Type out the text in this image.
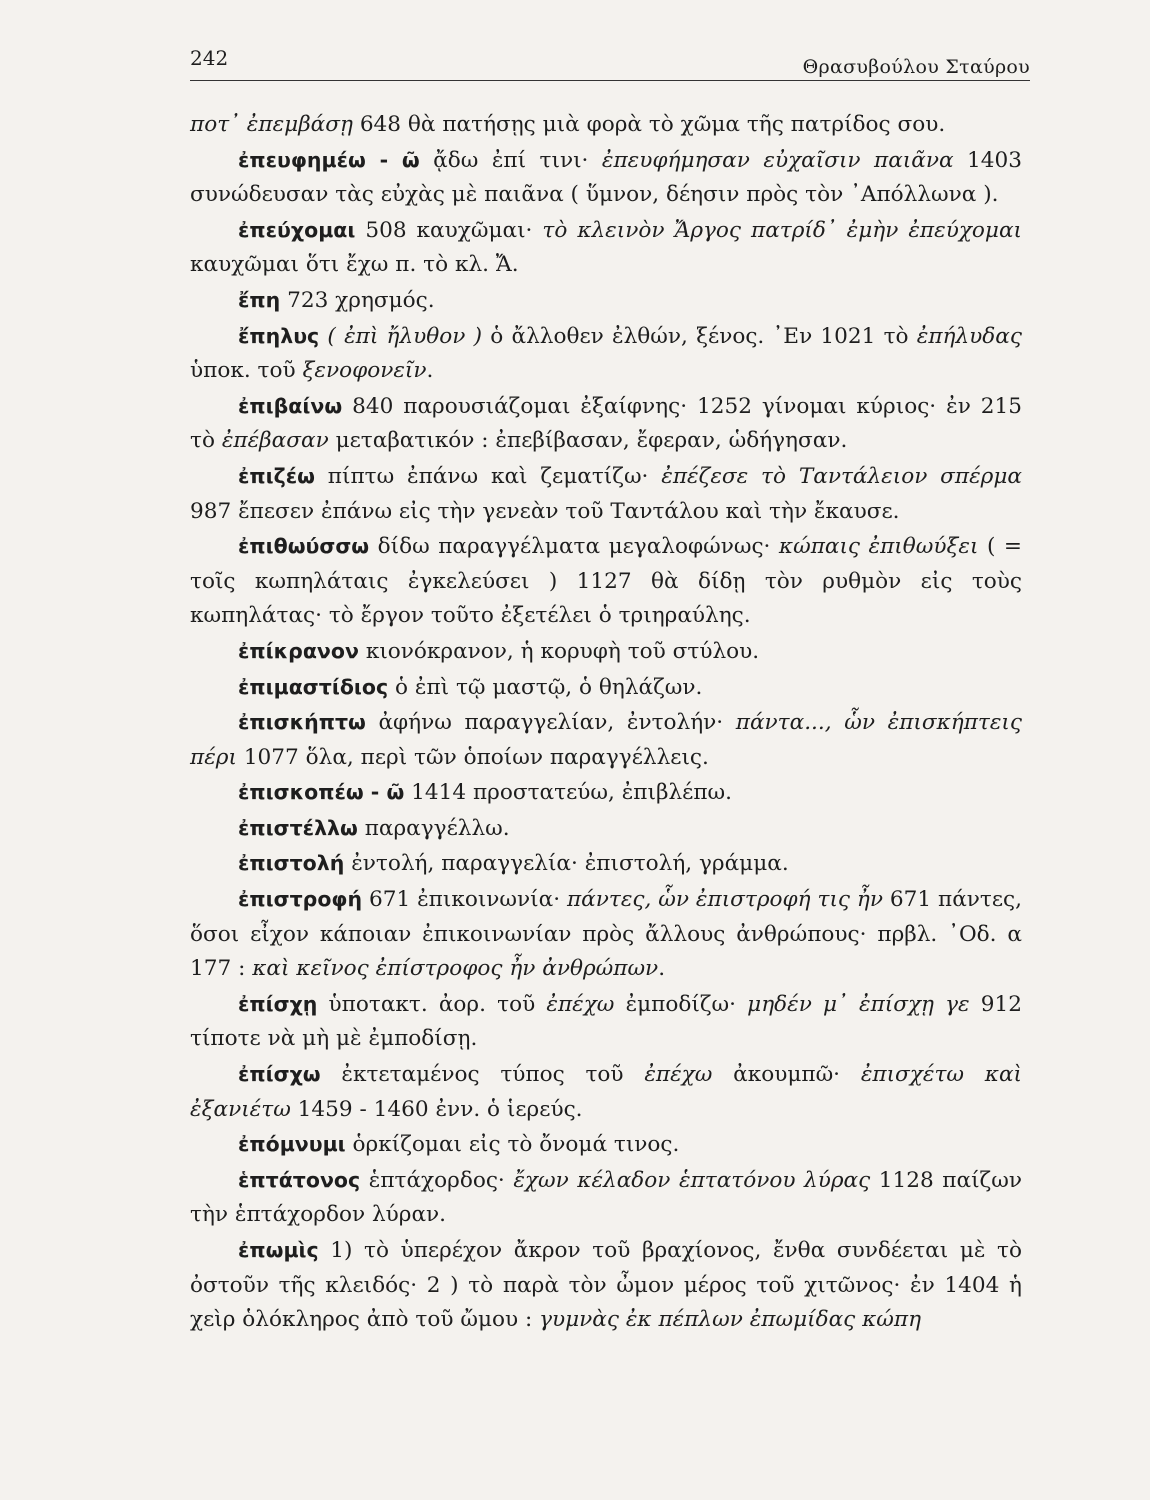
242	Θρασυβούλου Σταύρου

ποτ᾿ ἐπεμβάσῃ 648 θὰ πατήσῃς μιὰ φορὰ τὸ χῶμα τῆς πατρίδος σου.

ἐπευφημέω - ῶ ᾄδω ἐπί τινι· ἐπευφήμησαν εὐχαῖσιν παιᾶνα 1403 συνώδευσαν τὰς εὐχὰς μὲ παιᾶνα ( ὕμνον, δέησιν πρὸς τὸν ᾿Απόλλωνα ).

ἐπεύχομαι 508 καυχῶμαι· τὸ κλεινὸν Ἄργος πατρίδ᾿ ἐμὴν ἐπεύχομαι καυχῶμαι ὅτι ἔχω π. τὸ κλ. Ἄ.

ἔπη 723 χρησμός.

ἔπηλυς ( ἐπὶ ἤλυθον ) ὁ ἄλλοθεν ἐλθών, ξένος. ᾿Εν 1021 τὸ ἐπήλυδας ὑποκ. τοῦ ξενοφονεῖν.

ἐπιβαίνω 840 παρουσιάζομαι ἐξαίφνης· 1252 γίνομαι κύριος· ἐν 215 τὸ ἐπέβασαν μεταβατικόν : ἐπεβίβασαν, ἔφεραν, ὡδήγησαν.

ἐπιζέω πίπτω ἐπάνω καὶ ζεματίζω· ἐπέζεσε τὸ Ταντάλειον σπέρμα 987 ἔπεσεν ἐπάνω εἰς τὴν γενεὰν τοῦ Ταντάλου καὶ τὴν ἔκαυσε.

ἐπιθωύσσω δίδω παραγγέλματα μεγαλοφώνως· κώπαις ἐπιθωύξει ( = τοῖς κωπηλάταις ἐγκελεύσει ) 1127 θὰ δίδῃ τὸν ρυθμὸν εἰς τοὺς κωπηλάτας· τὸ ἔργον τοῦτο ἐξετέλει ὁ τριηραύλης.

ἐπίκρανον κιονόκρανον, ἡ κορυφὴ τοῦ στύλου.

ἐπιμαστίδιος ὁ ἐπὶ τῷ μαστῷ, ὁ θηλάζων.

ἐπισκήπτω ἀφήνω παραγγελίαν, ἐντολήν· πάντα..., ὧν ἐπισκήπτεις πέρι 1077 ὅλα, περὶ τῶν ὁποίων παραγγέλλεις.

ἐπισκοπέω - ῶ 1414 προστατεύω, ἐπιβλέπω.

ἐπιστέλλω παραγγέλλω.

ἐπιστολή ἐντολή, παραγγελία· ἐπιστολή, γράμμα.

ἐπιστροφή 671 ἐπικοινωνία· πάντες, ὧν ἐπιστροφή τις ἦν 671 πάντες, ὅσοι εἶχον κάποιαν ἐπικοινωνίαν πρὸς ἄλλους ἀνθρώπους· πρβλ. ᾿Οδ. α 177 : καὶ κεῖνος ἐπίστροφος ἦν ἀνθρώπων.

ἐπίσχῃ ὑποτακτ. ἀορ. τοῦ ἐπέχω ἐμποδίζω· μηδέν μ᾿ ἐπίσχῃ γε 912 τίποτε νὰ μὴ μὲ ἐμποδίσῃ.

ἐπίσχω ἐκτεταμένος τύπος τοῦ ἐπέχω ἀκουμπῶ· ἐπισχέτω καὶ ἐξανιέτω 1459 - 1460 ἐνν. ὁ ἱερεύς.

ἐπόμνυμι ὁρκίζομαι εἰς τὸ ὄνομά τινος.

ἑπτάτονος ἑπτάχορδος· ἔχων κέλαδον ἑπτατόνου λύρας 1128 παίζων τὴν ἑπτάχορδον λύραν.

ἐπωμὶς 1) τὸ ὑπερέχον ἄκρον τοῦ βραχίονος, ἔνθα συνδέεται μὲ τὸ ὀστοῦν τῆς κλειδός· 2 ) τὸ παρὰ τὸν ὦμον μέρος τοῦ χιτῶνος· ἐν 1404 ἡ χεὶρ ὁλόκληρος ἀπὸ τοῦ ὤμου : γυμνὰς ἐκ πέπλων ἐπωμίδας κώπη
